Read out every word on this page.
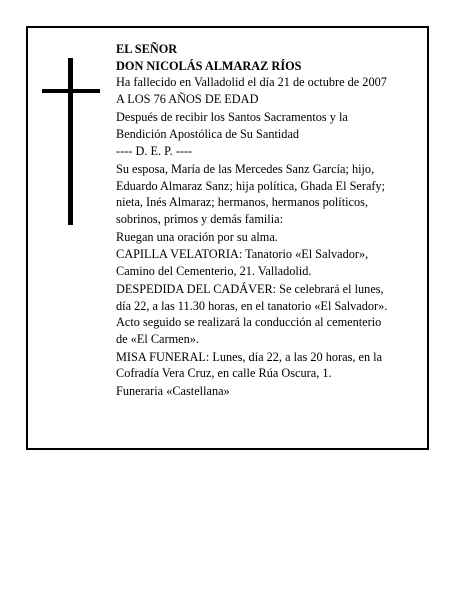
EL SEÑOR
DON NICOLÁS ALMARAZ RÍOS
Ha fallecido en Valladolid el día 21 de octubre de 2007
A LOS 76 AÑOS DE EDAD
Después de recibir los Santos Sacramentos y la
Bendición Apostólica de Su Santidad
---- D. E. P. ----
Su esposa, María de las Mercedes Sanz García; hijo,
Eduardo Almaraz Sanz; hija política, Ghada El Serafy;
nieta, Inés Almaraz; hermanos, hermanos políticos,
sobrinos, primos y demás familia:
Ruegan una oración por su alma.
CAPILLA VELATORIA: Tanatorio «El Salvador»,
Camino del Cementerio, 21. Valladolid.
DESPEDIDA DEL CADÁVER: Se celebrará el lunes,
día 22, a las 11.30 horas, en el tanatorio «El Salvador».
Acto seguido se realizará la conducción al cementerio
de «El Carmen».
MISA FUNERAL: Lunes, día 22, a las 20 horas, en la
Cofradía Vera Cruz, en calle Rúa Oscura, 1.
Funeraria «Castellana»
